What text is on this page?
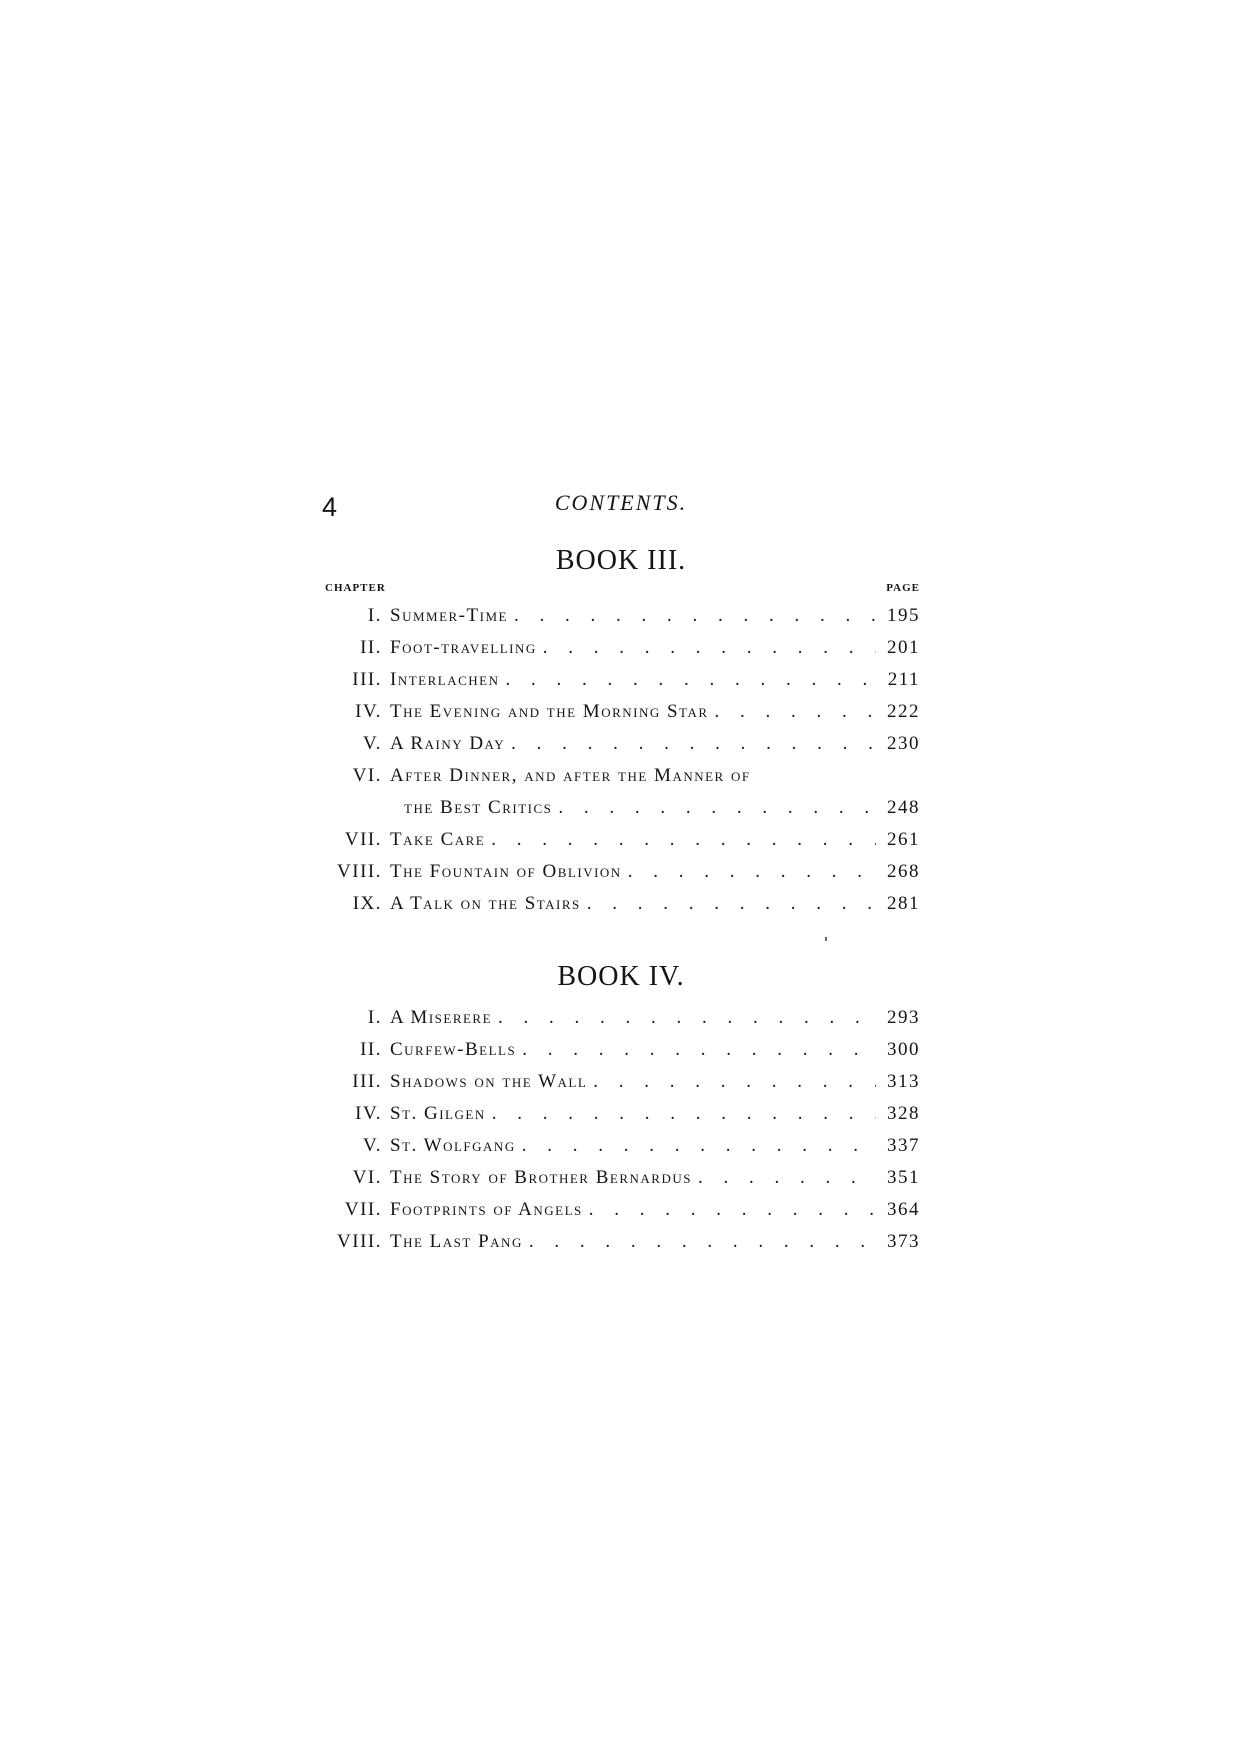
4	CONTENTS.
BOOK III.
CHAPTER	PAGE
I. Summer-Time . . .	195
II. Foot-travelling . . .	201
III. Interlachen . . .	211
IV. The Evening and the Morning Star . . .	222
V. A Rainy Day . . .	230
VI. After Dinner, and after the Manner of
the Best Critics . . .	248
VII. Take Care . . .	261
VIII. The Fountain of Oblivion . . .	268
IX. A Talk on the Stairs . . .	281
BOOK IV.
I. A Miserere . . .	293
II. Curfew-Bells . . .	300
III. Shadows on the Wall . . .	313
IV. St. Gilgen . . .	328
V. St. Wolfgang . . .	337
VI. The Story of Brother Bernardus . . .	351
VII. Footprints of Angels . . .	364
VIII. The Last Pang . . .	373
